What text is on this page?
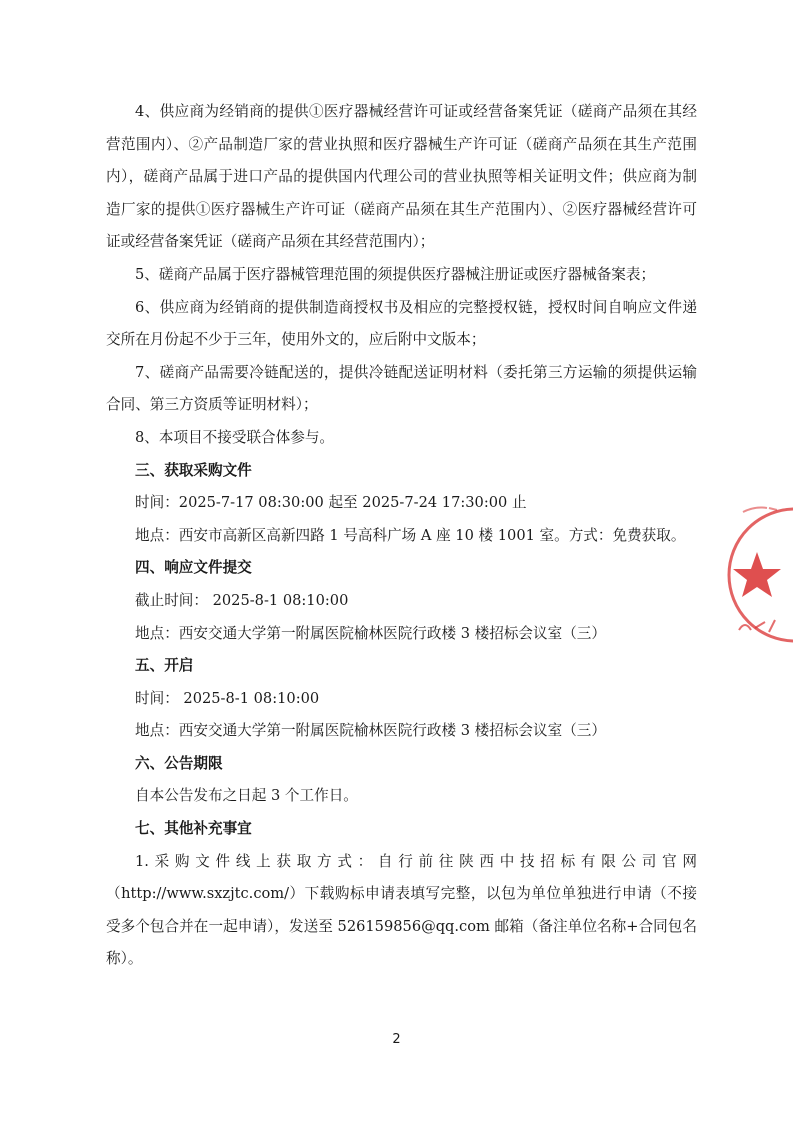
4、供应商为经销商的提供①医疗器械经营许可证或经营备案凭证（磋商产品须在其经营范围内）、②产品制造厂家的营业执照和医疗器械生产许可证（磋商产品须在其生产范围内），磋商产品属于进口产品的提供国内代理公司的营业执照等相关证明文件；供应商为制造厂家的提供①医疗器械生产许可证（磋商产品须在其生产范围内）、②医疗器械经营许可证或经营备案凭证（磋商产品须在其经营范围内）；

5、磋商产品属于医疗器械管理范围的须提供医疗器械注册证或医疗器械备案表；

6、供应商为经销商的提供制造商授权书及相应的完整授权链，授权时间自响应文件递交所在月份起不少于三年，使用外文的，应后附中文版本；

7、磋商产品需要冷链配送的，提供冷链配送证明材料（委托第三方运输的须提供运输合同、第三方资质等证明材料）；

8、本项目不接受联合体参与。

三、获取采购文件

时间：2025-7-17 08:30:00 起至 2025-7-24 17:30:00 止

地点：西安市高新区高新四路 1 号高科广场 A 座 10 楼 1001 室。方式：免费获取。

四、响应文件提交

截止时间： 2025-8-1 08:10:00

地点：西安交通大学第一附属医院榆林医院行政楼 3 楼招标会议室（三）

五、开启

时间： 2025-8-1 08:10:00

地点：西安交通大学第一附属医院榆林医院行政楼 3 楼招标会议室（三）

六、公告期限

自本公告发布之日起 3 个工作日。

七、其他补充事宜

1.采购文件线上获取方式：自行前往陕西中技招标有限公司官网（http://www.sxzjtc.com/）下载购标申请表填写完整，以包为单位单独进行申请（不接受多个包合并在一起申请），发送至 526159856@qq.com 邮箱（备注单位名称+合同包名称）。

2
